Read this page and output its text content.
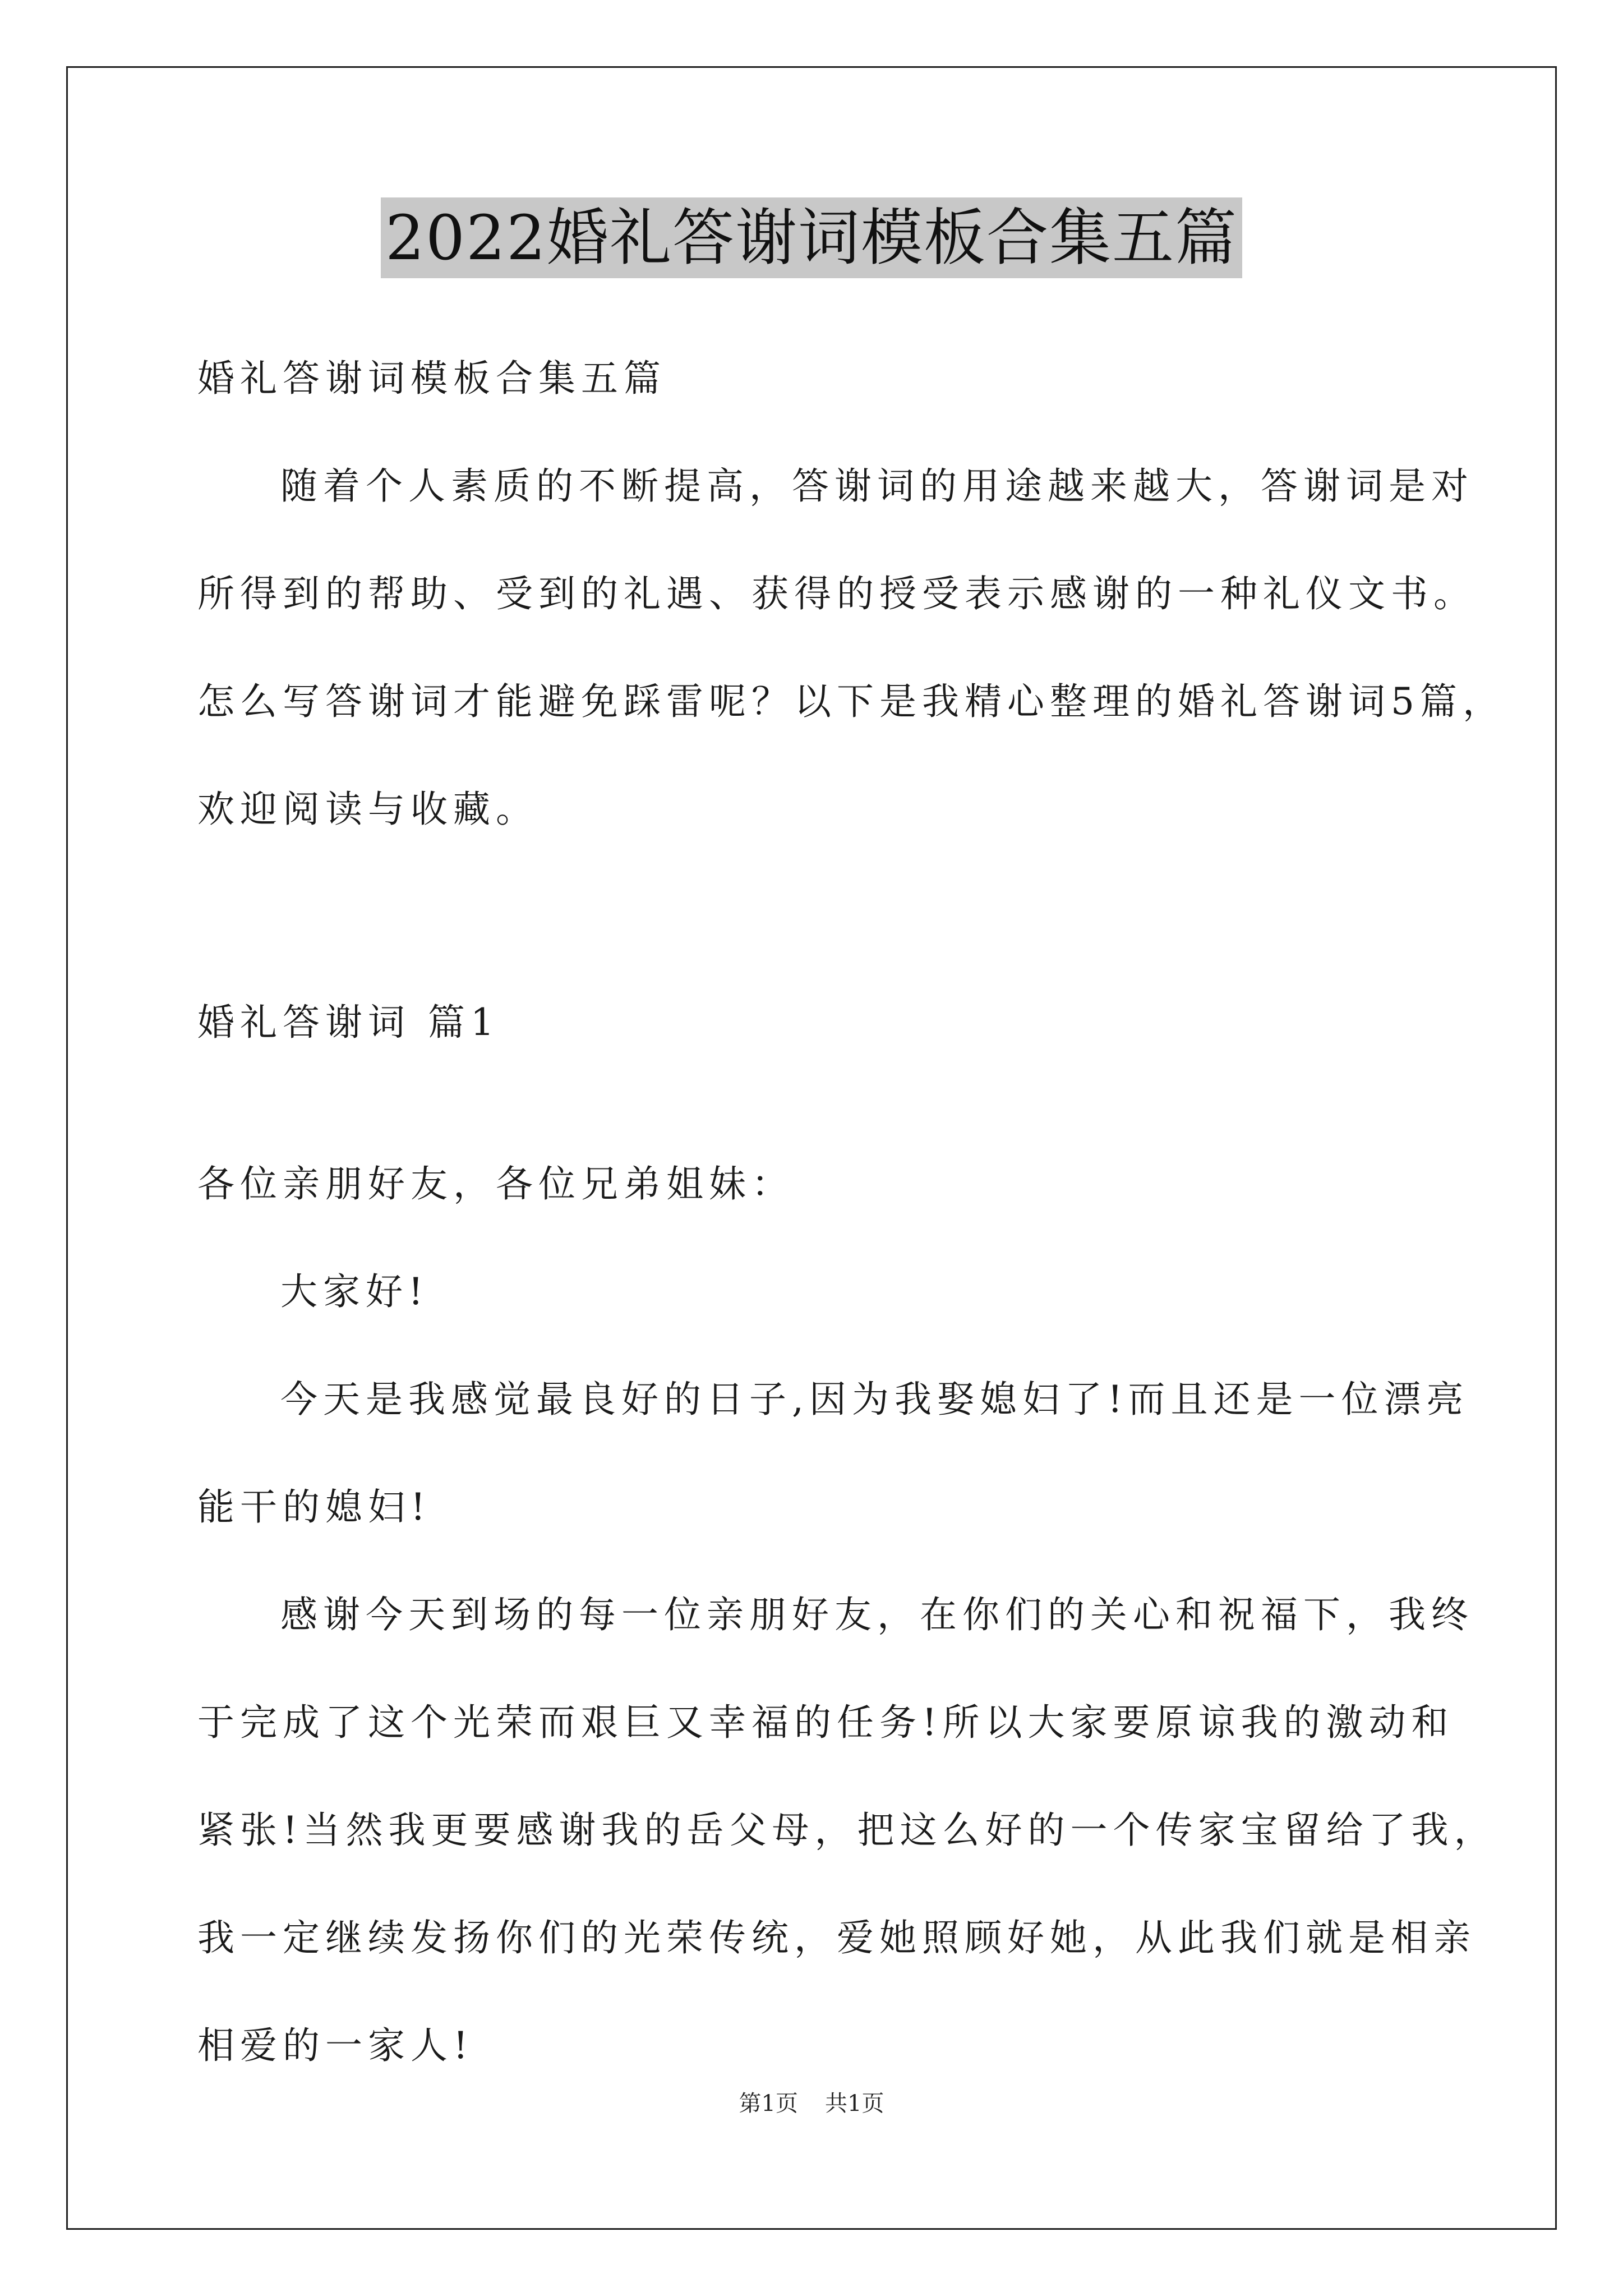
2022婚礼答谢词模板合集五篇
婚礼答谢词模板合集五篇
随着个人素质的不断提高，答谢词的用途越来越大，答谢词是对
所得到的帮助、受到的礼遇、获得的授受表示感谢的一种礼仪文书。
怎么写答谢词才能避免踩雷呢？以下是我精心整理的婚礼答谢词5篇，
欢迎阅读与收藏。
婚礼答谢词 篇1
各位亲朋好友，各位兄弟姐妹：
大家好!
今天是我感觉最良好的日子,因为我娶媳妇了!而且还是一位漂亮
能干的媳妇!
感谢今天到场的每一位亲朋好友，在你们的关心和祝福下，我终
于完成了这个光荣而艰巨又幸福的任务!所以大家要原谅我的激动和
紧张!当然我更要感谢我的岳父母，把这么好的一个传家宝留给了我，
我一定继续发扬你们的光荣传统，爱她照顾好她，从此我们就是相亲
相爱的一家人!
第1页 共1页
